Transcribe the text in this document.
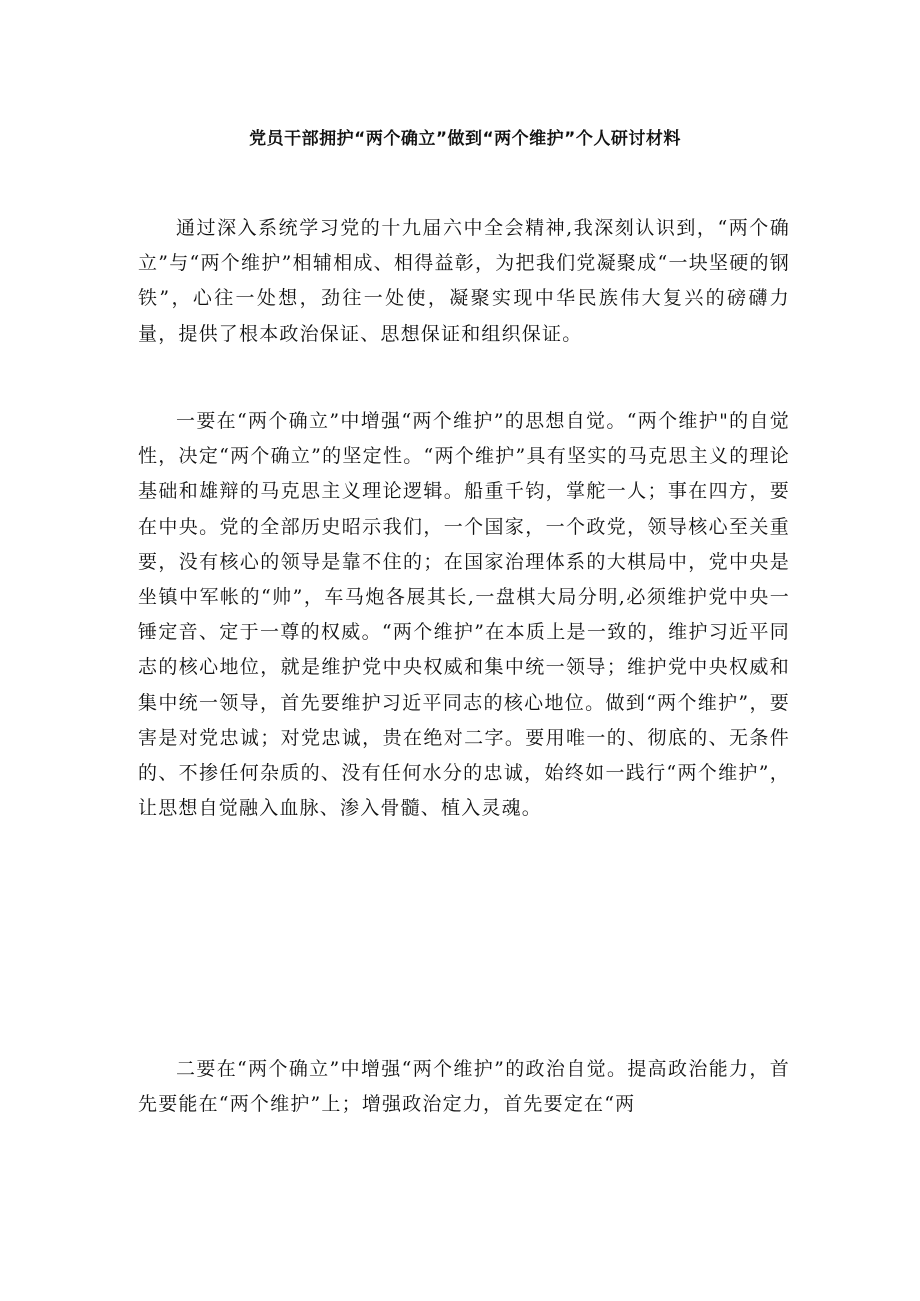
党员干部拥护“两个确立”做到“两个维护”个人研讨材料

通过深入系统学习党的十九届六中全会精神,我深刻认识到，“两个确立”与“两个维护”相辅相成、相得益彰，为把我们党凝聚成“一块坚硬的钢铁”，心往一处想，劲往一处使，凝聚实现中华民族伟大复兴的磅礴力量，提供了根本政治保证、思想保证和组织保证。

一要在“两个确立”中增强“两个维护”的思想自觉。“两个维护"的自觉性，决定“两个确立”的坚定性。“两个维护”具有坚实的马克思主义的理论基础和雄辩的马克思主义理论逻辑。船重千钧，掌舵一人；事在四方，要在中央。党的全部历史昭示我们，一个国家，一个政党，领导核心至关重要，没有核心的领导是靠不住的；在国家治理体系的大棋局中，党中央是坐镇中军帐的“帅”，车马炮各展其长,一盘棋大局分明,必须维护党中央一锤定音、定于一尊的权威。“两个维护”在本质上是一致的，维护习近平同志的核心地位，就是维护党中央权威和集中统一领导；维护党中央权威和集中统一领导，首先要维护习近平同志的核心地位。做到“两个维护”，要害是对党忠诚；对党忠诚，贵在绝对二字。要用唯一的、彻底的、无条件的、不掺任何杂质的、没有任何水分的忠诚，始终如一践行“两个维护”，让思想自觉融入血脉、渗入骨髓、植入灵魂。

二要在“两个确立”中增强“两个维护”的政治自觉。提高政治能力，首先要能在“两个维护”上；增强政治定力，首先要定在“两
